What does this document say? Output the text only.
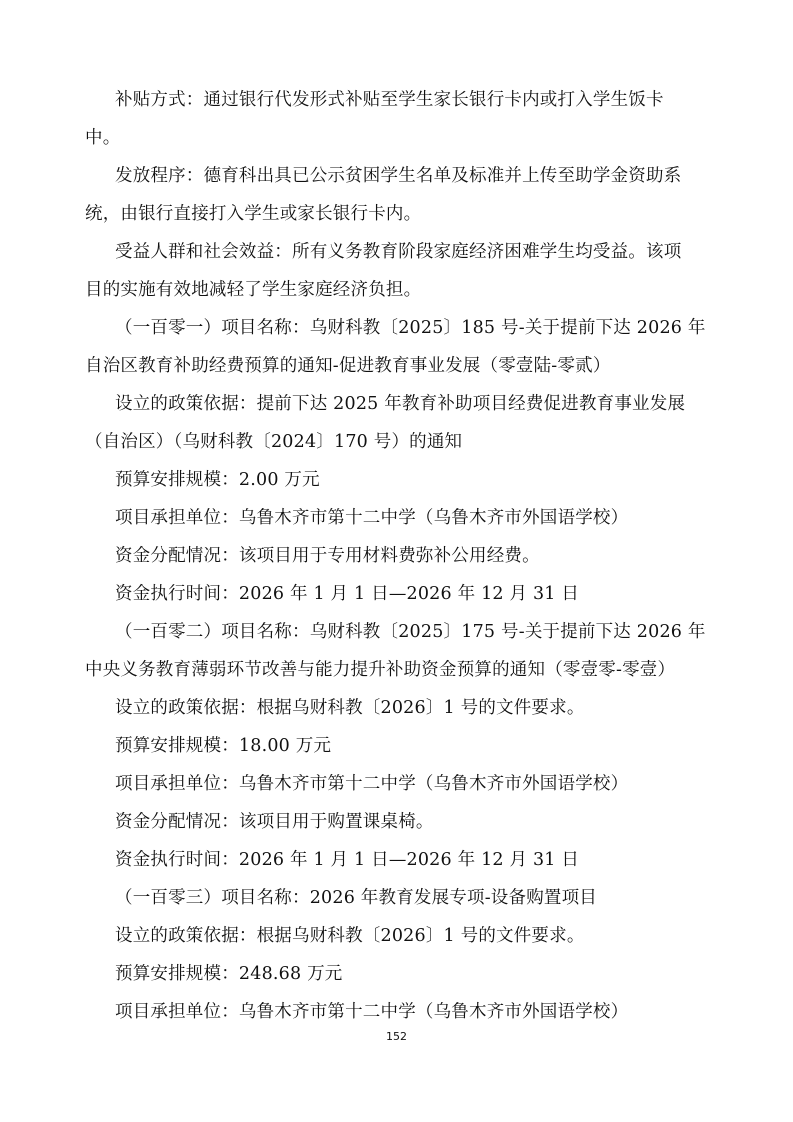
补贴方式：通过银行代发形式补贴至学生家长银行卡内或打入学生饭卡
中。
发放程序：德育科出具已公示贫困学生名单及标准并上传至助学金资助系
统，由银行直接打入学生或家长银行卡内。
受益人群和社会效益：所有义务教育阶段家庭经济困难学生均受益。该项
目的实施有效地减轻了学生家庭经济负担。
（一百零一）项目名称：乌财科教〔2025〕185 号-关于提前下达 2026 年
自治区教育补助经费预算的通知-促进教育事业发展（零壹陆-零贰）
设立的政策依据：提前下达 2025 年教育补助项目经费促进教育事业发展
（自治区）（乌财科教〔2024〕170 号）的通知
预算安排规模：2.00 万元
项目承担单位：乌鲁木齐市第十二中学（乌鲁木齐市外国语学校）
资金分配情况：该项目用于专用材料费弥补公用经费。
资金执行时间：2026 年 1 月 1 日—2026 年 12 月 31 日
（一百零二）项目名称：乌财科教〔2025〕175 号-关于提前下达 2026 年
中央义务教育薄弱环节改善与能力提升补助资金预算的通知（零壹零-零壹）
设立的政策依据：根据乌财科教〔2026〕1 号的文件要求。
预算安排规模：18.00 万元
项目承担单位：乌鲁木齐市第十二中学（乌鲁木齐市外国语学校）
资金分配情况：该项目用于购置课桌椅。
资金执行时间：2026 年 1 月 1 日—2026 年 12 月 31 日
（一百零三）项目名称：2026 年教育发展专项-设备购置项目
设立的政策依据：根据乌财科教〔2026〕1 号的文件要求。
预算安排规模：248.68 万元
项目承担单位：乌鲁木齐市第十二中学（乌鲁木齐市外国语学校）
152
